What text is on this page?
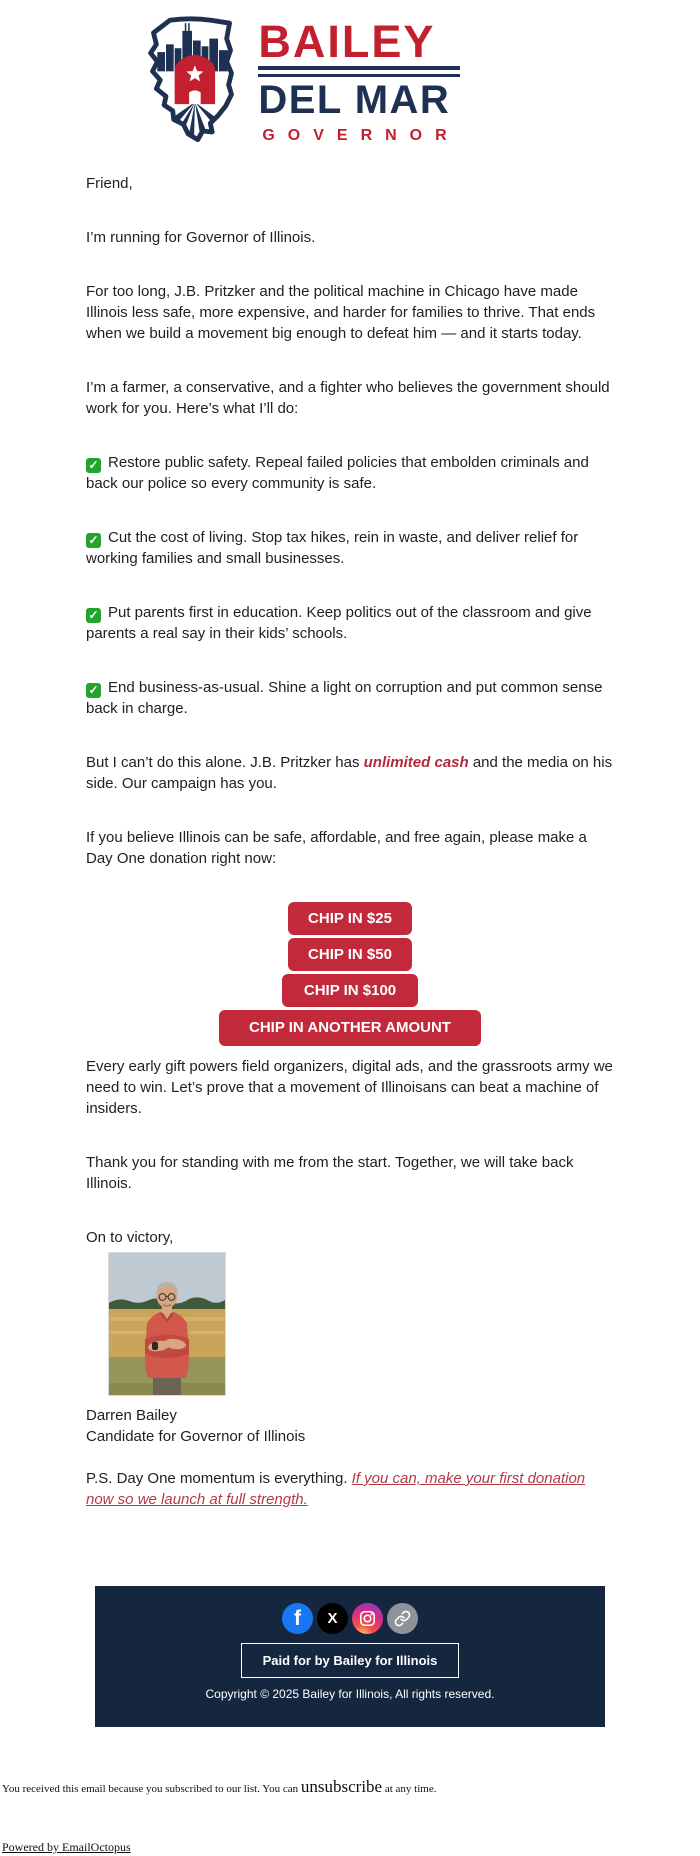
BAILEY
DEL MAR
GOVERNOR

Friend,

I’m running for Governor of Illinois.

For too long, J.B. Pritzker and the political machine in Chicago have made Illinois less safe, more expensive, and harder for families to thrive. That ends when we build a movement big enough to defeat him — and it starts today.

I’m a farmer, a conservative, and a fighter who believes the government should work for you. Here’s what I’ll do:

✓ Restore public safety. Repeal failed policies that embolden criminals and back our police so every community is safe.

✓ Cut the cost of living. Stop tax hikes, rein in waste, and deliver relief for working families and small businesses.

✓ Put parents first in education. Keep politics out of the classroom and give parents a real say in their kids’ schools.

✓ End business-as-usual. Shine a light on corruption and put common sense back in charge.

But I can’t do this alone. J.B. Pritzker has unlimited cash and the media on his side. Our campaign has you.

If you believe Illinois can be safe, affordable, and free again, please make a Day One donation right now:

CHIP IN $25
CHIP IN $50
CHIP IN $100
CHIP IN ANOTHER AMOUNT

Every early gift powers field organizers, digital ads, and the grassroots army we need to win. Let’s prove that a movement of Illinoisans can beat a machine of insiders.

Thank you for standing with me from the start. Together, we will take back Illinois.

On to victory,

Darren Bailey

Candidate for Governor of Illinois

P.S. Day One momentum is everything. If you can, make your first donation now so we launch at full strength.

f X
Paid for by Bailey for Illinois
Copyright © 2025 Bailey for Illinois, All rights reserved.
You received this email because you subscribed to our list. You can unsubscribe at any time.
Powered by EmailOctopus
